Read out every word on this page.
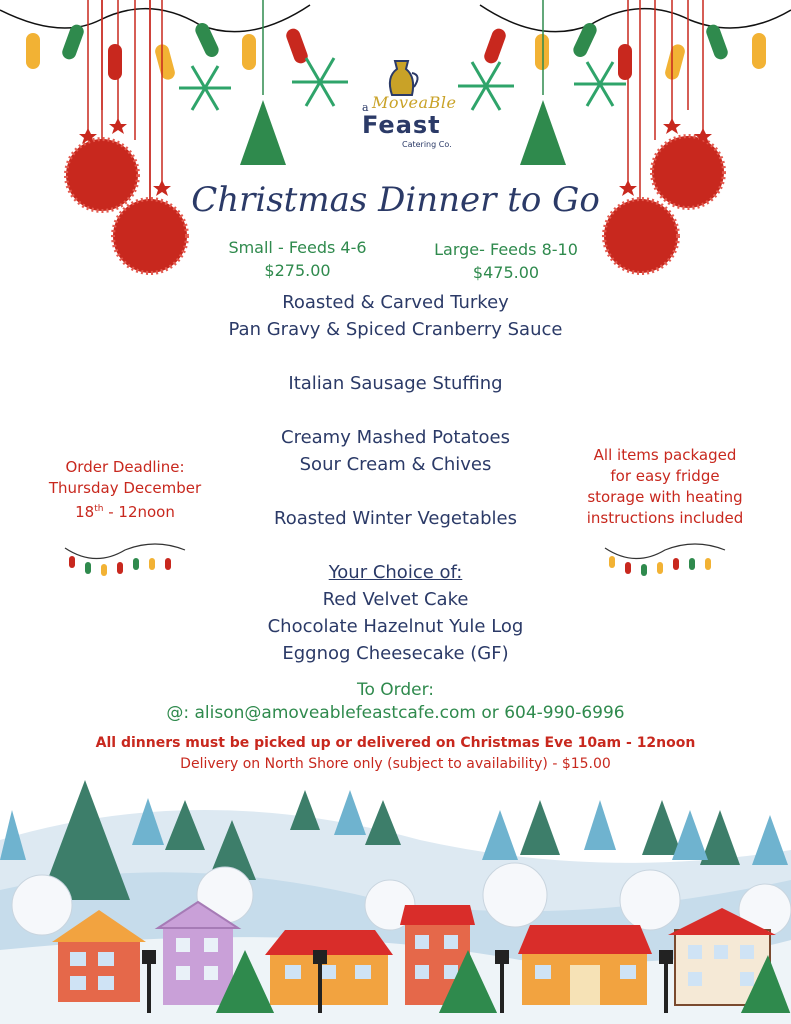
a MoveaBle
Feast
Catering Co.
Christmas Dinner to Go
Small - Feeds 4-6
$275.00
Large- Feeds 8-10
$475.00
Roasted & Carved Turkey
Pan Gravy & Spiced Cranberry Sauce
Italian Sausage Stuffing
Creamy Mashed Potatoes
Sour Cream & Chives
Roasted Winter Vegetables
Your Choice of:
Red Velvet Cake
Chocolate Hazelnut Yule Log
Eggnog Cheesecake (GF)
Order Deadline:
Thursday December
18th - 12noon
All items packaged
for easy fridge
storage with heating
instructions included
To Order:
@: alison@amoveablefeastcafe.com or 604-990-6996
All dinners must be picked up or delivered on Christmas Eve 10am - 12noon
Delivery on North Shore only (subject to availability) - $15.00
